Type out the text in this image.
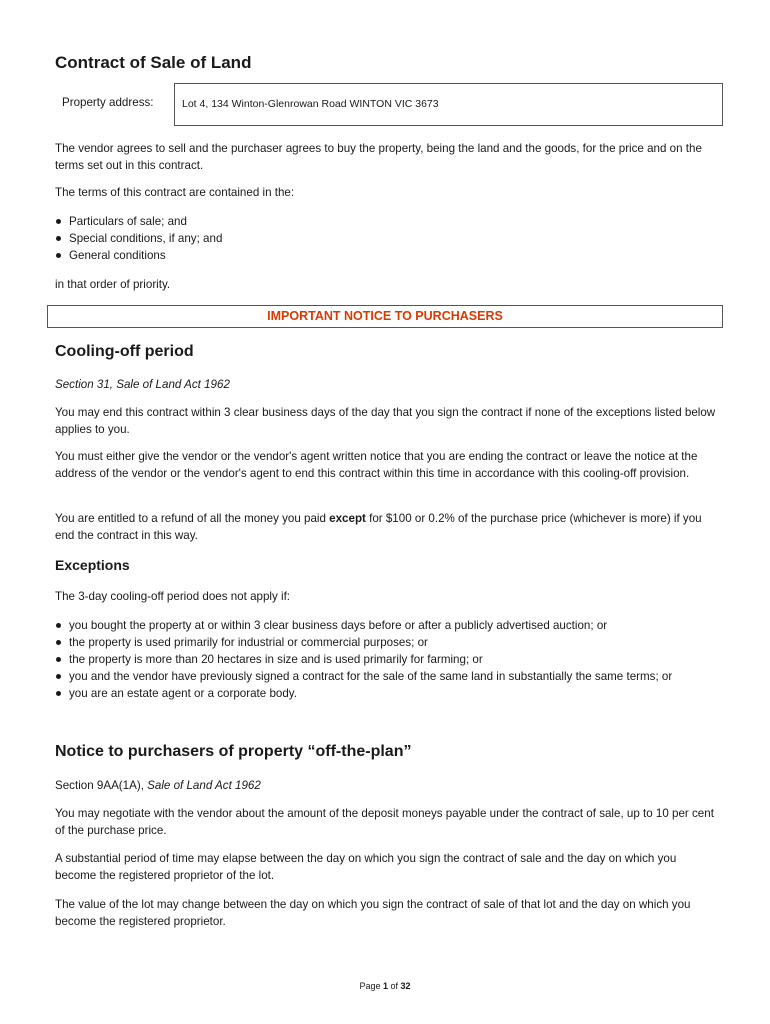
Contract of Sale of Land
Property address:	Lot 4, 134 Winton-Glenrowan Road WINTON VIC 3673
The vendor agrees to sell and the purchaser agrees to buy the property, being the land and the goods, for the price and on the terms set out in this contract.
The terms of this contract are contained in the:
Particulars of sale; and
Special conditions, if any; and
General conditions
in that order of priority.
IMPORTANT NOTICE TO PURCHASERS
Cooling-off period
Section 31, Sale of Land Act 1962
You may end this contract within 3 clear business days of the day that you sign the contract if none of the exceptions listed below applies to you.
You must either give the vendor or the vendor's agent written notice that you are ending the contract or leave the notice at the address of the vendor or the vendor's agent to end this contract within this time in accordance with this cooling-off provision.
You are entitled to a refund of all the money you paid except for $100 or 0.2% of the purchase price (whichever is more) if you end the contract in this way.
Exceptions
The 3-day cooling-off period does not apply if:
you bought the property at or within 3 clear business days before or after a publicly advertised auction; or
the property is used primarily for industrial or commercial purposes; or
the property is more than 20 hectares in size and is used primarily for farming; or
you and the vendor have previously signed a contract for the sale of the same land in substantially the same terms; or
you are an estate agent or a corporate body.
Notice to purchasers of property “off-the-plan”
Section 9AA(1A), Sale of Land Act 1962
You may negotiate with the vendor about the amount of the deposit moneys payable under the contract of sale, up to 10 per cent of the purchase price.
A substantial period of time may elapse between the day on which you sign the contract of sale and the day on which you become the registered proprietor of the lot.
The value of the lot may change between the day on which you sign the contract of sale of that lot and the day on which you become the registered proprietor.
Page 1 of 32
